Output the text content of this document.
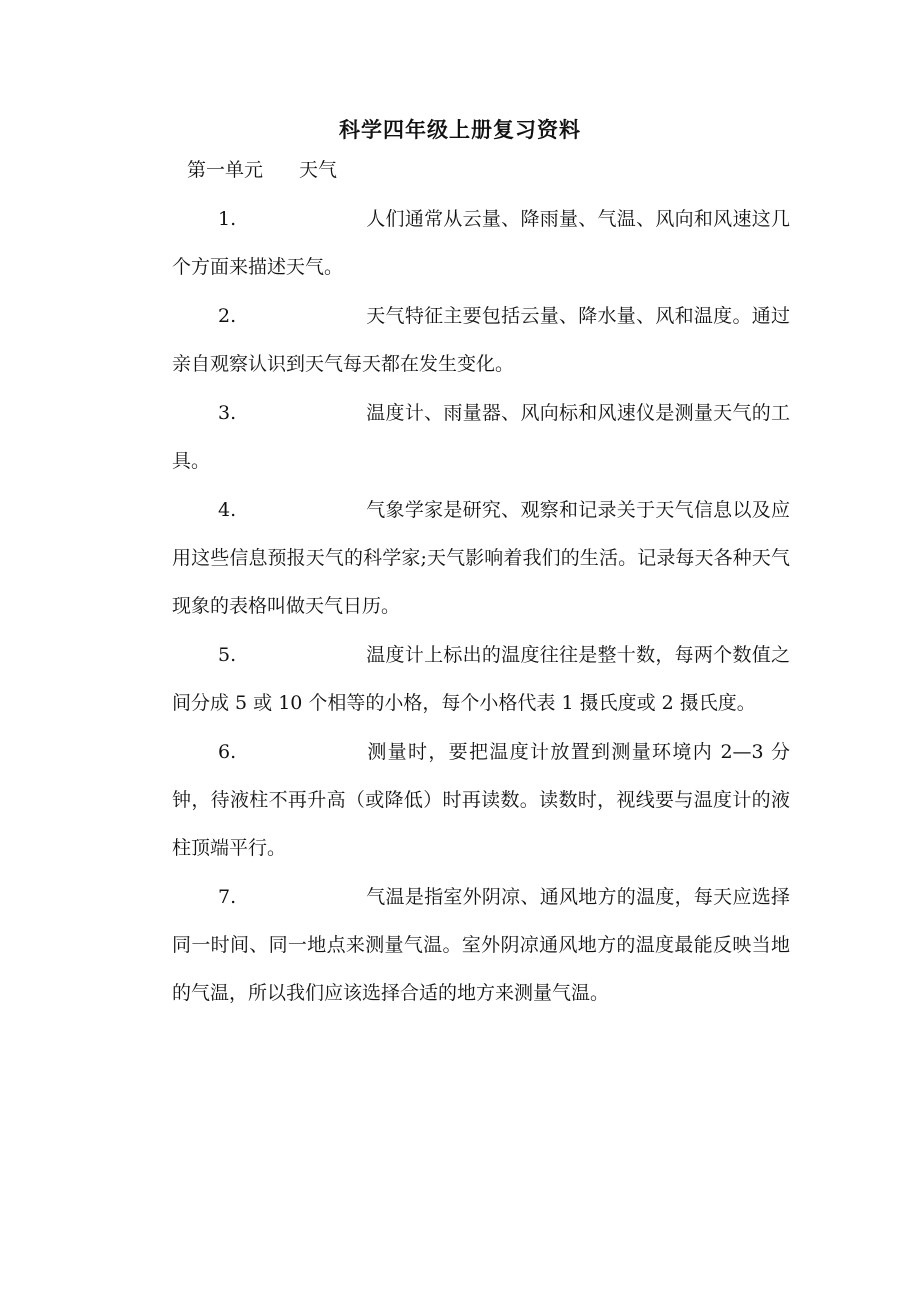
科学四年级上册复习资料
第一单元 天气

1.	人们通常从云量、降雨量、气温、风向和风速这几个方面来描述天气。

2.	天气特征主要包括云量、降水量、风和温度。通过亲自观察认识到天气每天都在发生变化。

3.	温度计、雨量器、风向标和风速仪是测量天气的工具。

4.	气象学家是研究、观察和记录关于天气信息以及应用这些信息预报天气的科学家;天气影响着我们的生活。记录每天各种天气现象的表格叫做天气日历。

5.	温度计上标出的温度往往是整十数，每两个数值之间分成 5 或 10 个相等的小格，每个小格代表 1 摄氏度或 2 摄氏度。

6.	测量时，要把温度计放置到测量环境内 2—3 分钟，待液柱不再升高（或降低）时再读数。读数时，视线要与温度计的液柱顶端平行。

7.	气温是指室外阴凉、通风地方的温度，每天应选择同一时间、同一地点来测量气温。室外阴凉通风地方的温度最能反映当地的气温，所以我们应该选择合适的地方来测量气温。
